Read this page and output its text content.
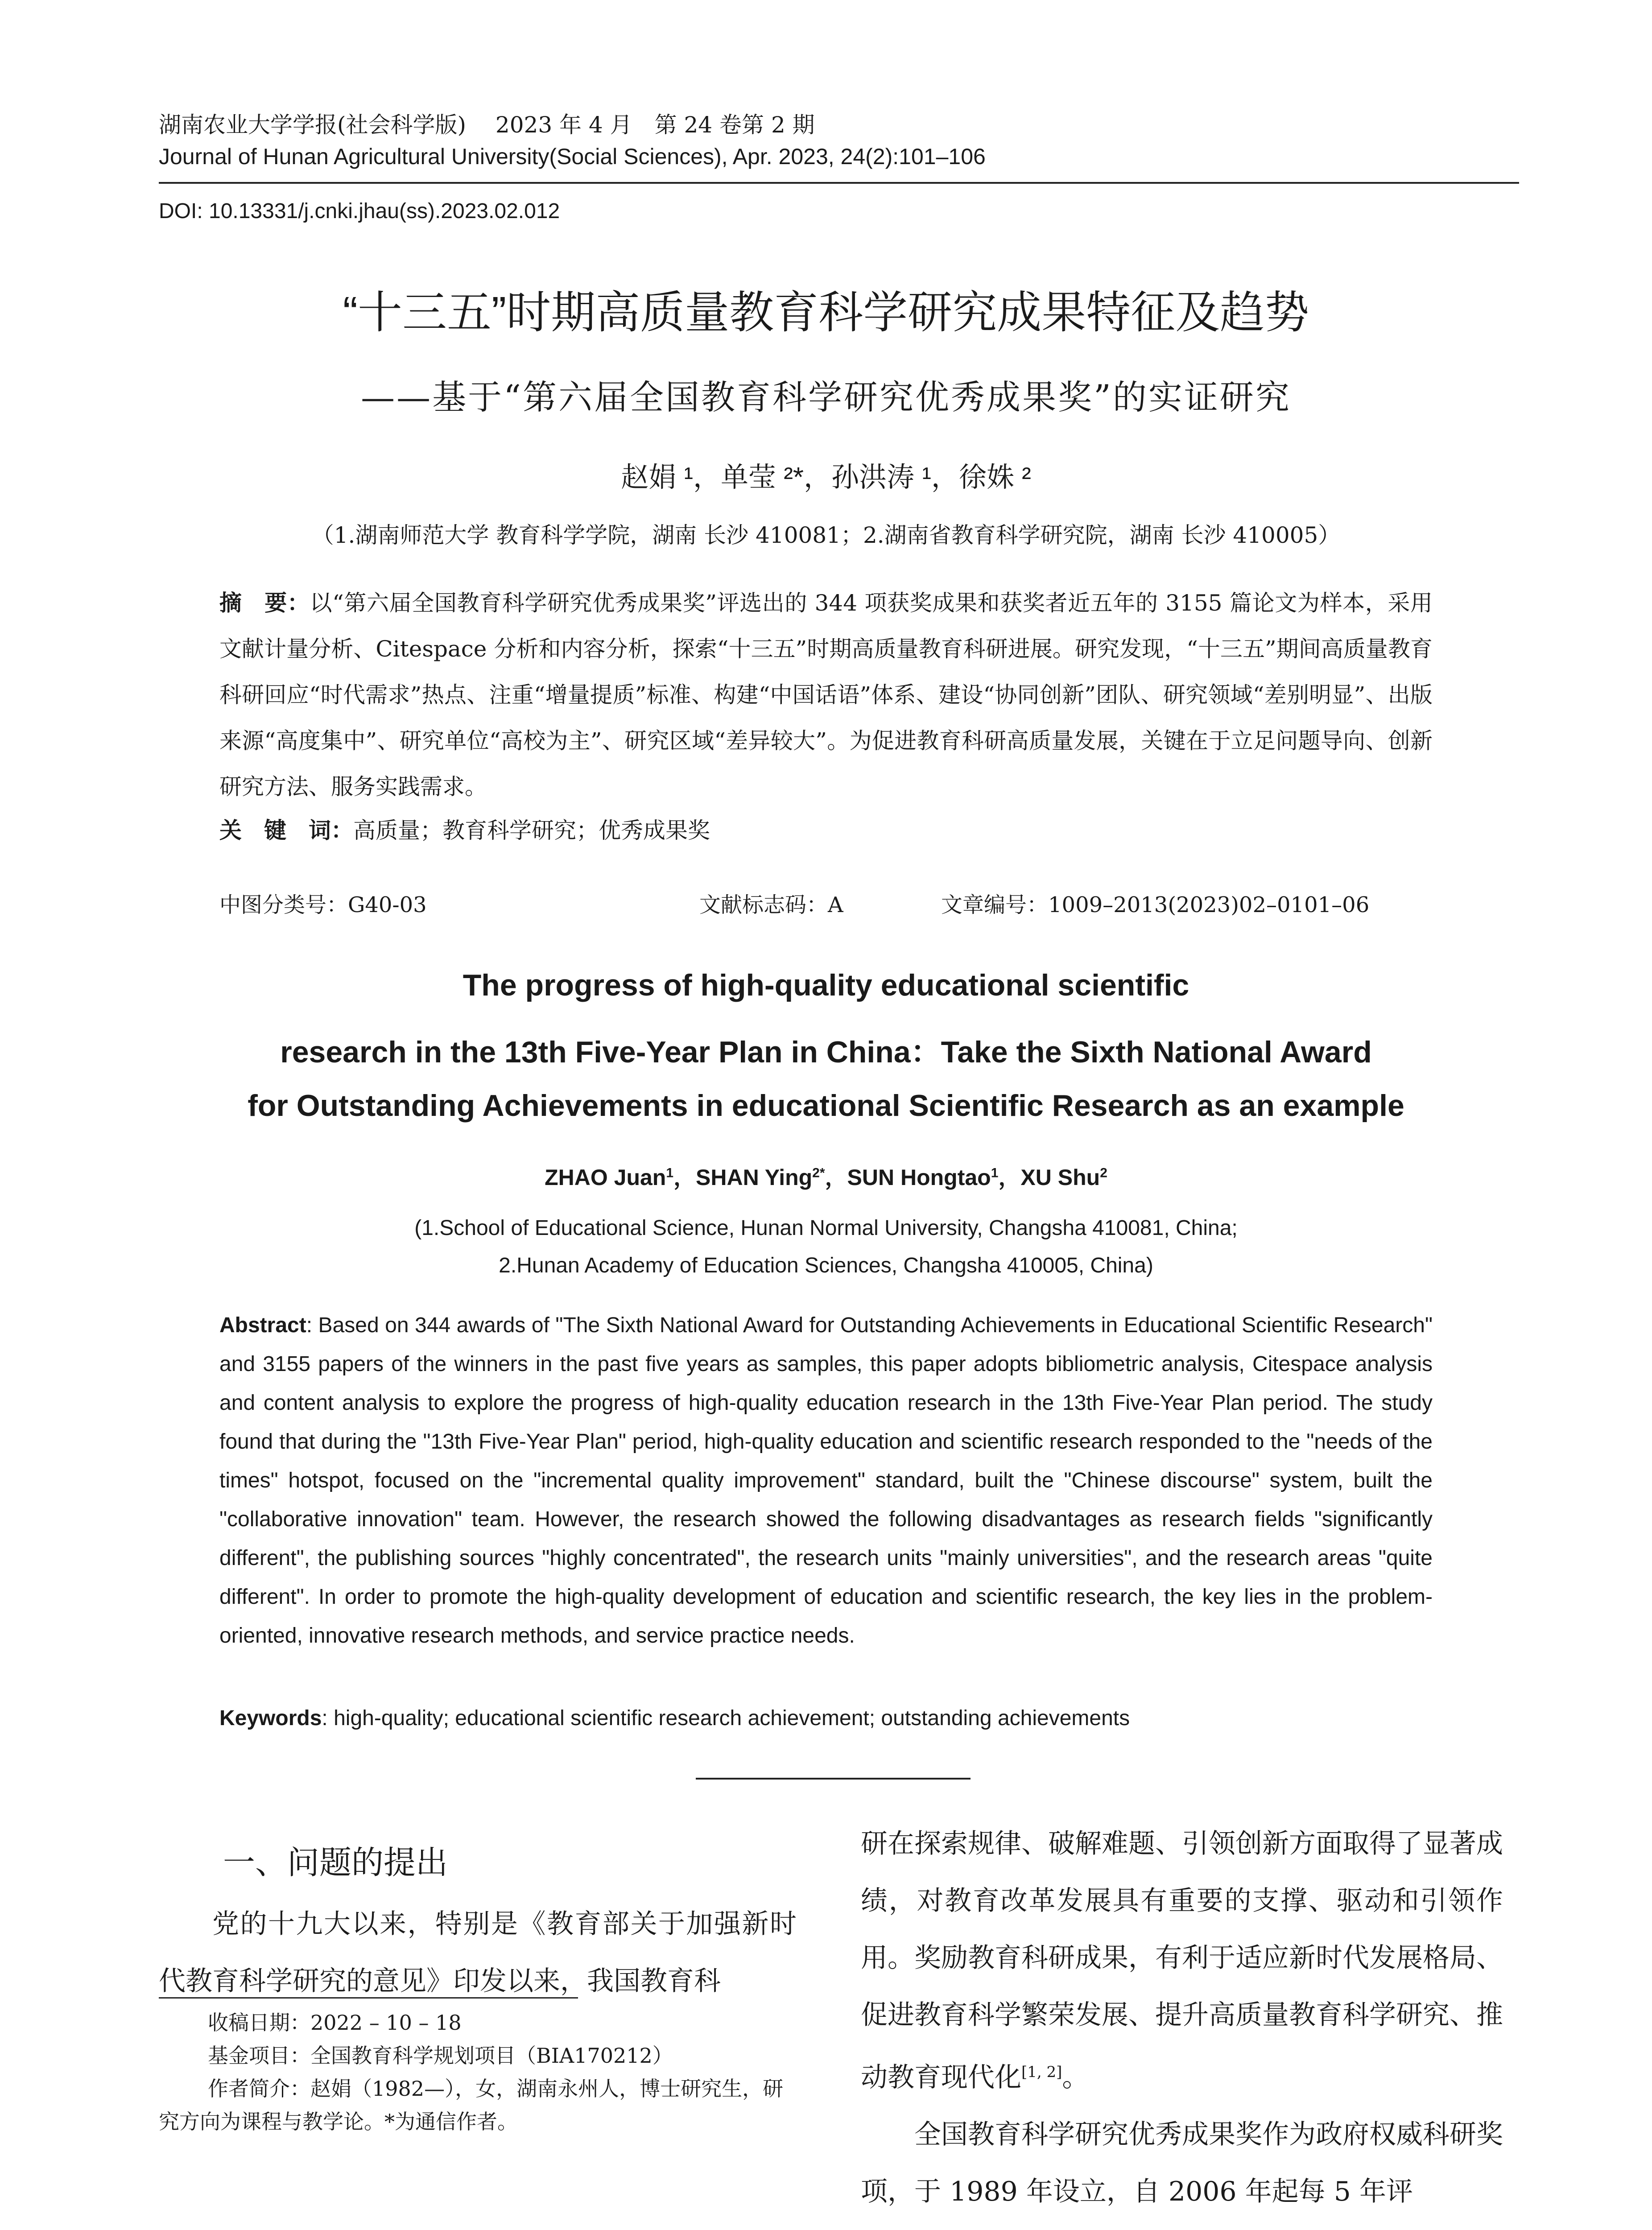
湖南农业大学学报(社会科学版)　 2023 年 4 月　第 24 卷第 2 期
Journal of Hunan Agricultural University(Social Sciences), Apr. 2023, 24(2):101–106
DOI: 10.13331/j.cnki.jhau(ss).2023.02.012
“十三五”时期高质量教育科学研究成果特征及趋势
——基于“第六届全国教育科学研究优秀成果奖”的实证研究
赵娟 ¹，单莹 ²*，孙洪涛 ¹，徐姝 ²
（1.湖南师范大学 教育科学学院，湖南 长沙 410081；2.湖南省教育科学研究院，湖南 长沙 410005）
摘　要：以“第六届全国教育科学研究优秀成果奖”评选出的 344 项获奖成果和获奖者近五年的 3155 篇论文为样本，采用文献计量分析、Citespace 分析和内容分析，探索“十三五”时期高质量教育科研进展。研究发现，“十三五”期间高质量教育科研回应“时代需求”热点、注重“增量提质”标准、构建“中国话语”体系、建设“协同创新”团队、研究领域“差别明显”、出版来源“高度集中”、研究单位“高校为主”、研究区域“差异较大”。为促进教育科研高质量发展，关键在于立足问题导向、创新研究方法、服务实践需求。
关　键　词：高质量；教育科学研究；优秀成果奖
中图分类号：G40-03	文献标志码：A	文章编号：1009–2013(2023)02–0101–06
The progress of high-quality educational scientific
research in the 13th Five-Year Plan in China：Take the Sixth National Award
for Outstanding Achievements in educational Scientific Research as an example
ZHAO Juan$^1$，SHAN Ying$^{2*}$，SUN Hongtao$^1$，XU Shu$^2$
(1.School of Educational Science, Hunan Normal University, Changsha 410081, China;
2.Hunan Academy of Education Sciences, Changsha 410005, China)
Abstract: Based on 344 awards of "The Sixth National Award for Outstanding Achievements in Educational Scientific Research" and 3155 papers of the winners in the past five years as samples, this paper adopts bibliometric analysis, Citespace analysis and content analysis to explore the progress of high-quality education research in the 13th Five-Year Plan period. The study found that during the "13th Five-Year Plan" period, high-quality education and scientific research responded to the "needs of the times" hotspot, focused on the "incremental quality improvement" standard, built the "Chinese discourse" system, built the "collaborative innovation" team. However, the research showed the following disadvantages as research fields "significantly different", the publishing sources "highly concentrated", the research units "mainly universities", and the research areas "quite different". In order to promote the high-quality development of education and scientific research, the key lies in the problem-oriented, innovative research methods, and service practice needs.
Keywords: high-quality; educational scientific research achievement; outstanding achievements
一、问题的提出
党的十九大以来，特别是《教育部关于加强新时代教育科学研究的意见》印发以来，我国教育科
收稿日期：2022 – 10 – 18
基金项目：全国教育科学规划项目（BIA170212）
作者简介：赵娟（1982—），女，湖南永州人，博士研究生，研究方向为课程与教学论。*为通信作者。

研在探索规律、破解难题、引领创新方面取得了显著成绩，对教育改革发展具有重要的支撑、驱动和引领作用。奖励教育科研成果，有利于适应新时代发展格局、促进教育科学繁荣发展、提升高质量教育科学研究、推动教育现代化[1, 2]。

全国教育科学研究优秀成果奖作为政府权威科研奖项，于 1989 年设立，自 2006 年起每 5 年评
